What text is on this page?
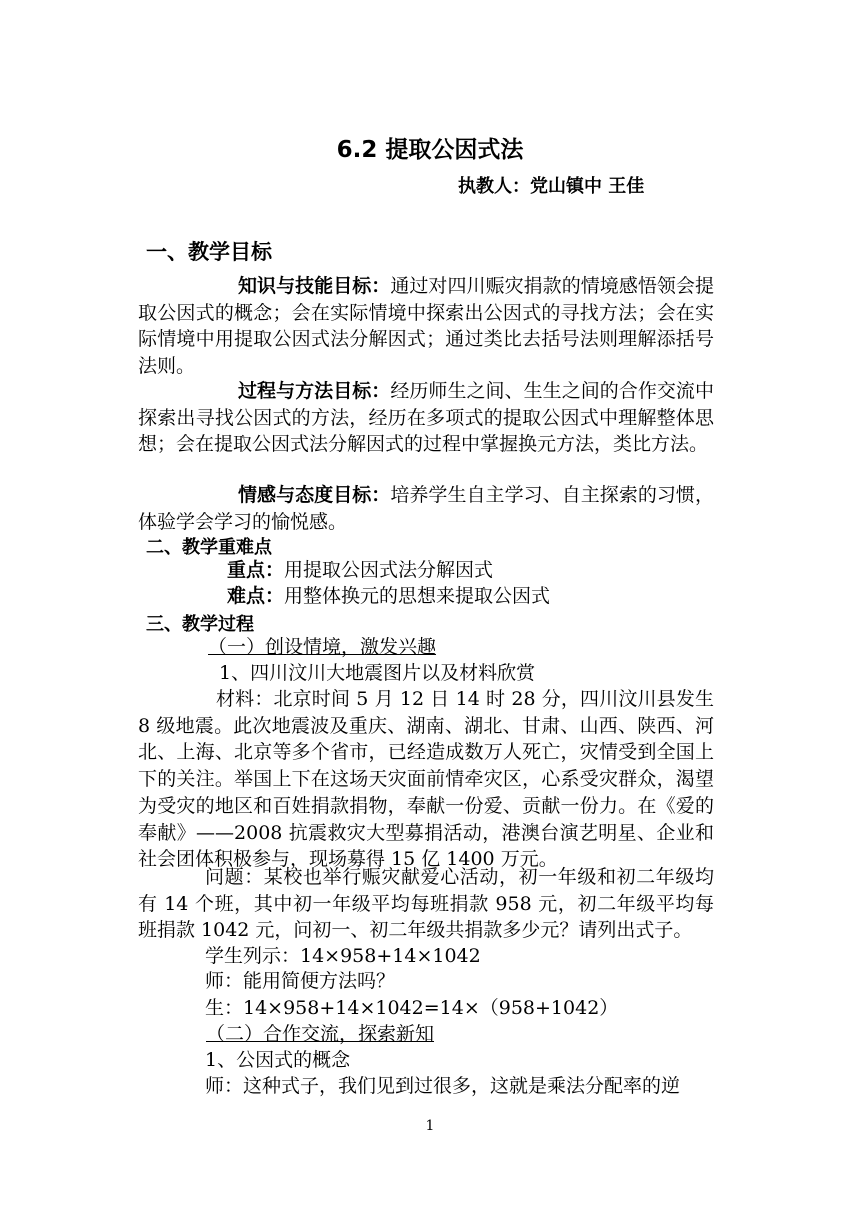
6.2 提取公因式法
执教人：党山镇中 王佳
一、教学目标
知识与技能目标：通过对四川赈灾捐款的情境感悟领会提取公因式的概念；会在实际情境中探索出公因式的寻找方法；会在实际情境中用提取公因式法分解因式；通过类比去括号法则理解添括号法则。
过程与方法目标：经历师生之间、生生之间的合作交流中探索出寻找公因式的方法，经历在多项式的提取公因式中理解整体思想；会在提取公因式法分解因式的过程中掌握换元方法，类比方法。
情感与态度目标：培养学生自主学习、自主探索的习惯，体验学会学习的愉悦感。
二、教学重难点
重点：用提取公因式法分解因式
难点：用整体换元的思想来提取公因式
三、教学过程
（一）创设情境，激发兴趣
1、四川汶川大地震图片以及材料欣赏
材料：北京时间 5 月 12 日 14 时 28 分，四川汶川县发生 8 级地震。此次地震波及重庆、湖南、湖北、甘肃、山西、陕西、河北、上海、北京等多个省市，已经造成数万人死亡，灾情受到全国上下的关注。举国上下在这场天灾面前情牵灾区，心系受灾群众，渴望为受灾的地区和百姓捐款捐物，奉献一份爱、贡献一份力。在《爱的奉献》——2008 抗震救灾大型募捐活动，港澳台演艺明星、企业和社会团体积极参与，现场募得 15 亿 1400 万元。
问题：某校也举行赈灾献爱心活动，初一年级和初二年级均有 14 个班，其中初一年级平均每班捐款 958 元，初二年级平均每班捐款 1042 元，问初一、初二年级共捐款多少元？请列出式子。
学生列示：14×958+14×1042
师：能用简便方法吗？
生：14×958+14×1042=14×（958+1042）
（二）合作交流，探索新知
1、公因式的概念
师：这种式子，我们见到过很多，这就是乘法分配率的逆
1
